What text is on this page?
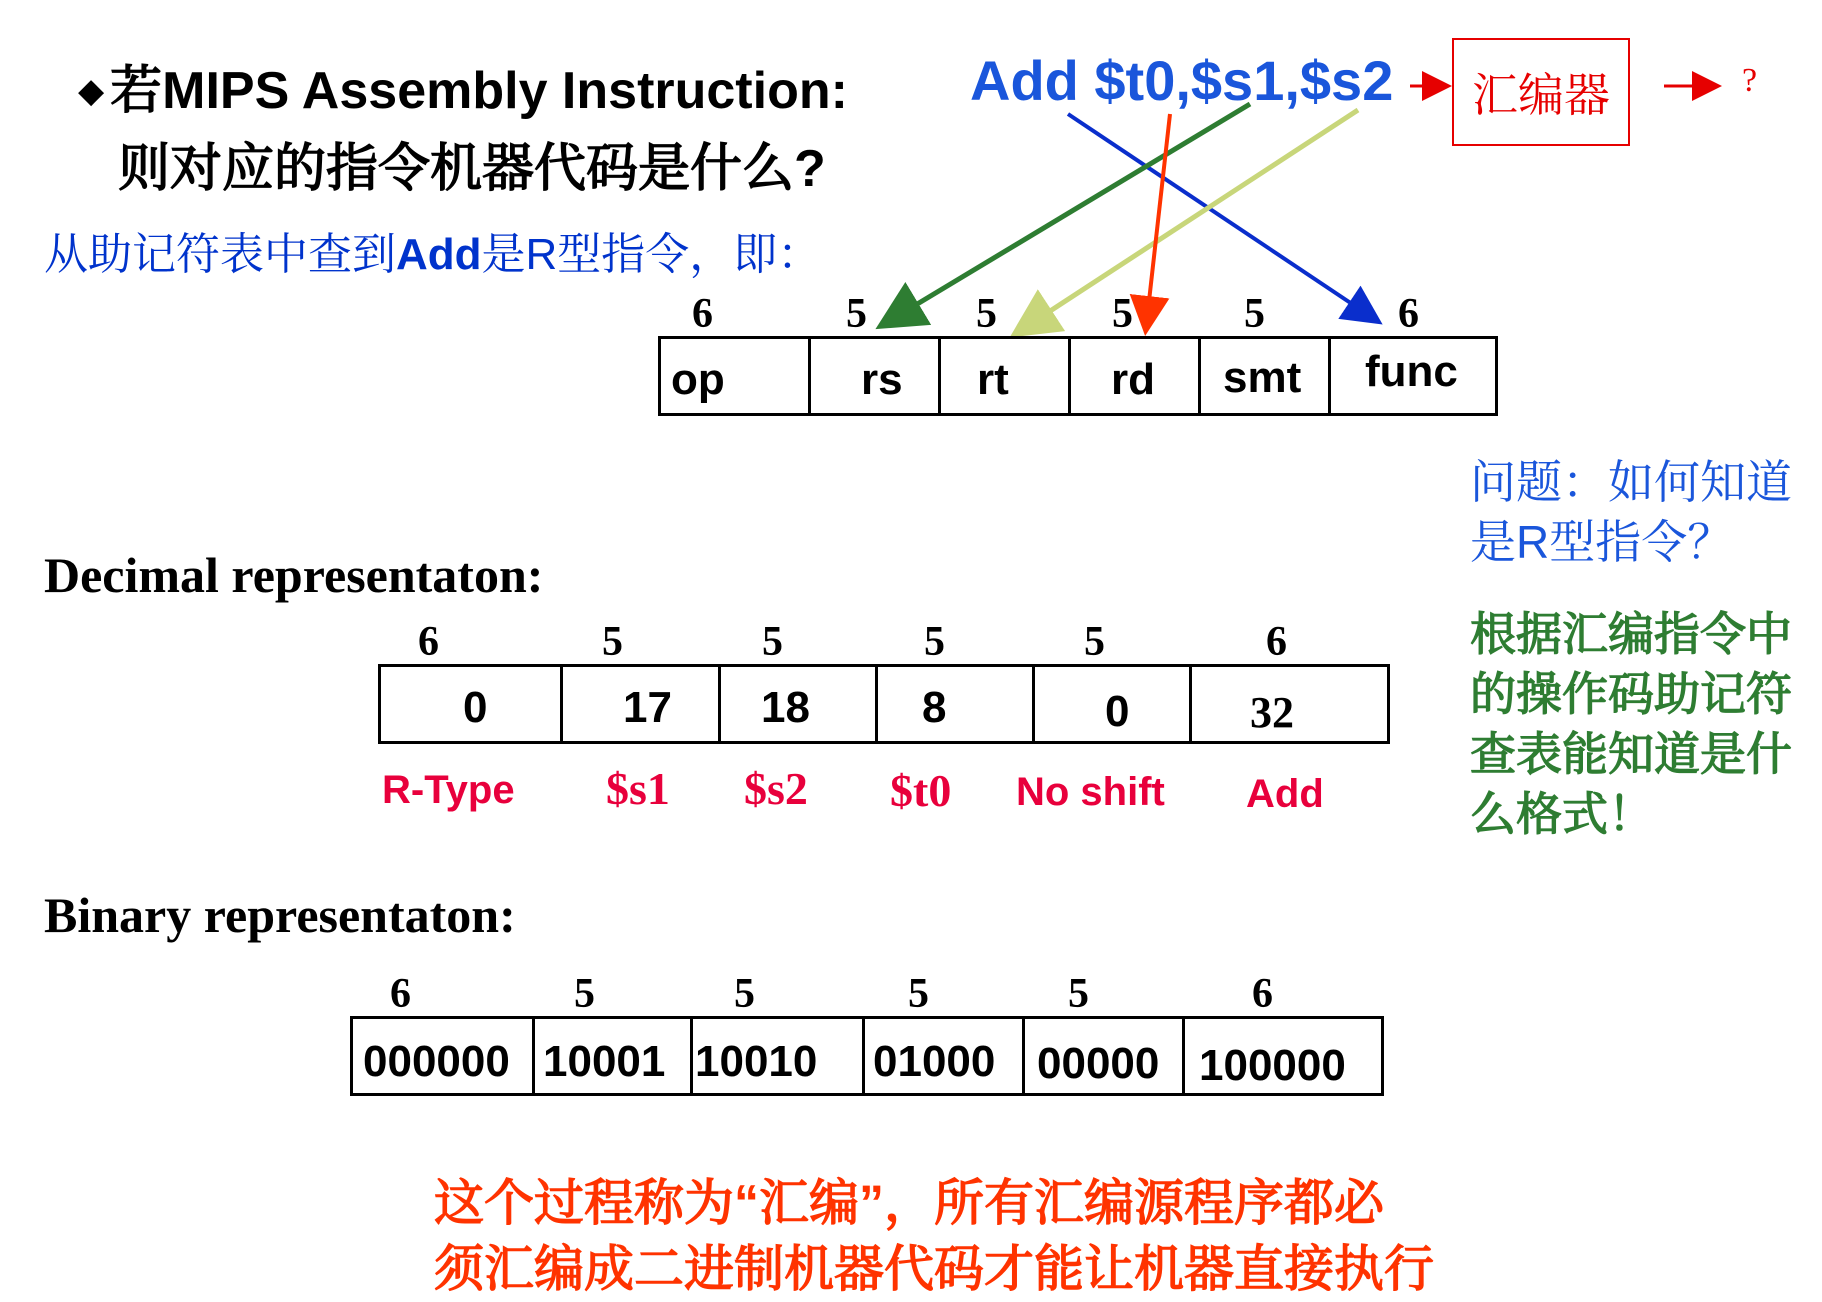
◆ 若MIPS Assembly Instruction:
则对应的指令机器代码是什么?
从助记符表中查到Add是R型指令，即：
Add $t0,$s1,$s2	汇编器	?
6	5	5	5	5	6
op	rs rt rd smt func
问题：如何知道
是R型指令？
根据汇编指令中
的操作码助记符
查表能知道是什
么格式！
Decimal representaton:
6	5	5	5	5	6
0	17 18	8	0	32
R-Type $s1 $s2 $t0 No shift Add
Binary representaton:
6	5	5	5	5	6
000000 10001 10010 01000 00000 100000
这个过程称为“汇编”，所有汇编源程序都必
须汇编成二进制机器代码才能让机器直接执行
